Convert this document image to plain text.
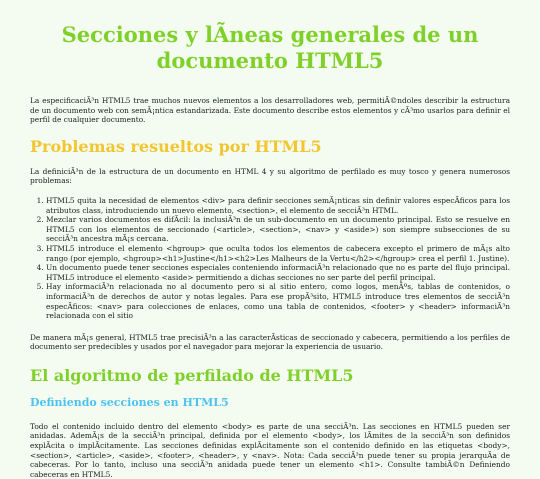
Secciones y lÃneas generales de un documento HTML5

La especificaciÃ³n HTML5 trae muchos nuevos elementos a los desarrolladores web, permitiÃ©ndoles describir la estructura de un documento web con semÃ¡ntica estandarizada. Este documento describe estos elementos y cÃ³mo usarlos para definir el perfil de cualquier documento.

Problemas resueltos por HTML5

La definiciÃ³n de la estructura de un documento en HTML 4 y su algoritmo de perfilado es muy tosco y genera numerosos problemas:

1. HTML5 quita la necesidad de elementos <div> para definir secciones semÃ¡nticas sin definir valores especÃficos para los atributos class, introduciendo un nuevo elemento, <section>, el elemento de secciÃ³n HTML.
2. Mezclar varios documentos es difÃcil: la inclusiÃ³n de un sub-documento en un documento principal. Esto se resuelve en HTML5 con los elementos de seccionado (<article>, <section>, <nav> y <aside>) son siempre subsecciones de su secciÃ³n ancestra mÃ¡s cercana.
3. HTML5 introduce el elemento <hgroup> que oculta todos los elementos de cabecera excepto el primero de mÃ¡s alto rango (por ejemplo, <hgroup><h1>Justine</h1><h2>Les Malheurs de la Vertu</h2></hgroup> crea el perfil 1. Justine).
4. Un documento puede tener secciones especiales conteniendo informaciÃ³n relacionado que no es parte del flujo principal. HTML5 introduce el elemento <aside> permitiendo a dichas secciones no ser parte del perfil principal.
5. Hay informaciÃ³n relacionada no al documento pero si al sitio entero, como logos, menÃºs, tablas de contenidos, o informaciÃ³n de derechos de autor y notas legales. Para ese propÃ³sito, HTML5 introduce tres elementos de secciÃ³n especÃficos: <nav> para colecciones de enlaces, como una tabla de contenidos, <footer> y <header> informaciÃ³n relacionada con el sitio

De manera mÃ¡s general, HTML5 trae precisiÃ³n a las caracterÃsticas de seccionado y cabecera, permitiendo a los perfiles de documento ser predecibles y usados por el navegador para mejorar la experiencia de usuario.

El algoritmo de perfilado de HTML5
Definiendo secciones en HTML5

Todo el contenido incluido dentro del elemento <body> es parte de una secciÃ³n. Las secciones en HTML5 pueden ser anidadas. AdemÃ¡s de la secciÃ³n principal, definida por el elemento <body>, los lÃmites de la secciÃ³n son definidos explÃcita o implÃcitamente. Las secciones definidas explÃcitamente son el contenido definido en las etiquetas <body>, <section>, <article>, <aside>, <footer>, <header>, y <nav>. Nota: Cada secciÃ³n puede tener su propia jerarquÃa de cabeceras. Por lo tanto, incluso una secciÃ³n anidada puede tener un elemento <h1>. Consulte tambiÃ©n Definiendo cabeceras en HTML5.
